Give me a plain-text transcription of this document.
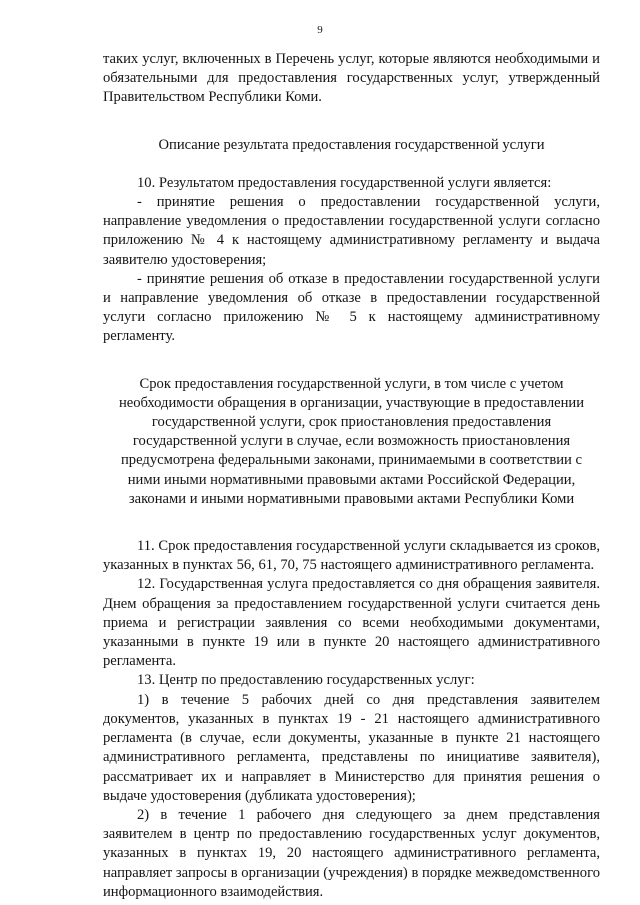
9

таких услуг, включенных в Перечень услуг, которые являются необходимыми и обязательными для предоставления государственных услуг, утвержденный Правительством Республики Коми.

Описание результата предоставления государственной услуги

10. Результатом предоставления государственной услуги является:

- принятие решения о предоставлении государственной услуги, направление уведомления о предоставлении государственной услуги согласно приложению № 4 к настоящему административному регламенту и выдача заявителю удостоверения;

- принятие решения об отказе в предоставлении государственной услуги и направление уведомления об отказе в предоставлении государственной услуги согласно приложению № 5 к настоящему административному регламенту.

Срок предоставления государственной услуги, в том числе с учетом необходимости обращения в организации, участвующие в предоставлении государственной услуги, срок приостановления предоставления государственной услуги в случае, если возможность приостановления предусмотрена федеральными законами, принимаемыми в соответствии с ними иными нормативными правовыми актами Российской Федерации, законами и иными нормативными правовыми актами Республики Коми

11. Срок предоставления государственной услуги складывается из сроков, указанных в пунктах 56, 61, 70, 75 настоящего административного регламента.

12. Государственная услуга предоставляется со дня обращения заявителя. Днем обращения за предоставлением государственной услуги считается день приема и регистрации заявления со всеми необходимыми документами, указанными в пункте 19 или в пункте 20 настоящего административного регламента.

13. Центр по предоставлению государственных услуг:

1) в течение 5 рабочих дней со дня представления заявителем документов, указанных в пунктах 19 - 21 настоящего административного регламента (в случае, если документы, указанные в пункте 21 настоящего административного регламента, представлены по инициативе заявителя), рассматривает их и направляет в Министерство для принятия решения о выдаче удостоверения (дубликата удостоверения);

2) в течение 1 рабочего дня следующего за днем представления заявителем в центр по предоставлению государственных услуг документов, указанных в пунктах 19, 20 настоящего административного регламента, направляет запросы в организации (учреждения) в порядке межведомственного информационного взаимодействия.
